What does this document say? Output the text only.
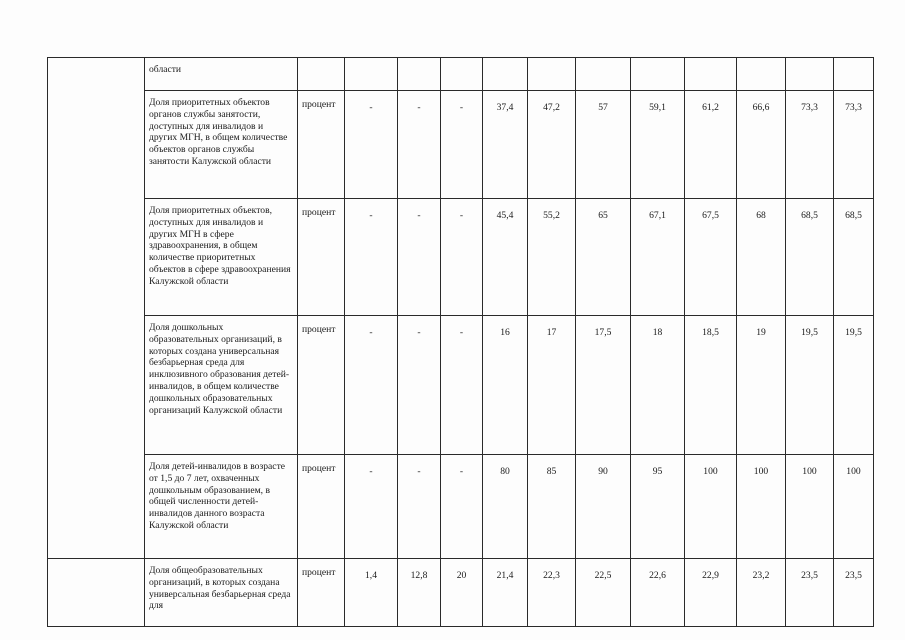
	области												
	Доля приоритетных объектов органов службы занятости, доступных для инвалидов и других МГН, в общем количестве объектов органов службы занятости Калужской области	процент	-	-	-	37,4	47,2	57	59,1	61,2	66,6	73,3	73,3
	Доля приоритетных объектов, доступных для инвалидов и других МГН в сфере здравоохранения, в общем количестве приоритетных объектов в сфере здравоохранения Калужской области	процент	-	-	-	45,4	55,2	65	67,1	67,5	68	68,5	68,5
	Доля дошкольных образовательных организаций, в которых создана универсальная безбарьерная среда для инклюзивного образования детей-инвалидов, в общем количестве дошкольных образовательных организаций Калужской области	процент	-	-	-	16	17	17,5	18	18,5	19	19,5	19,5
	Доля детей-инвалидов в возрасте от 1,5 до 7 лет, охваченных дошкольным образованием, в общей численности детей-инвалидов данного возраста Калужской области	процент	-	-	-	80	85	90	95	100	100	100	100
	Доля общеобразовательных организаций, в которых создана универсальная безбарьерная среда для	процент	1,4	12,8	20	21,4	22,3	22,5	22,6	22,9	23,2	23,5	23,5
